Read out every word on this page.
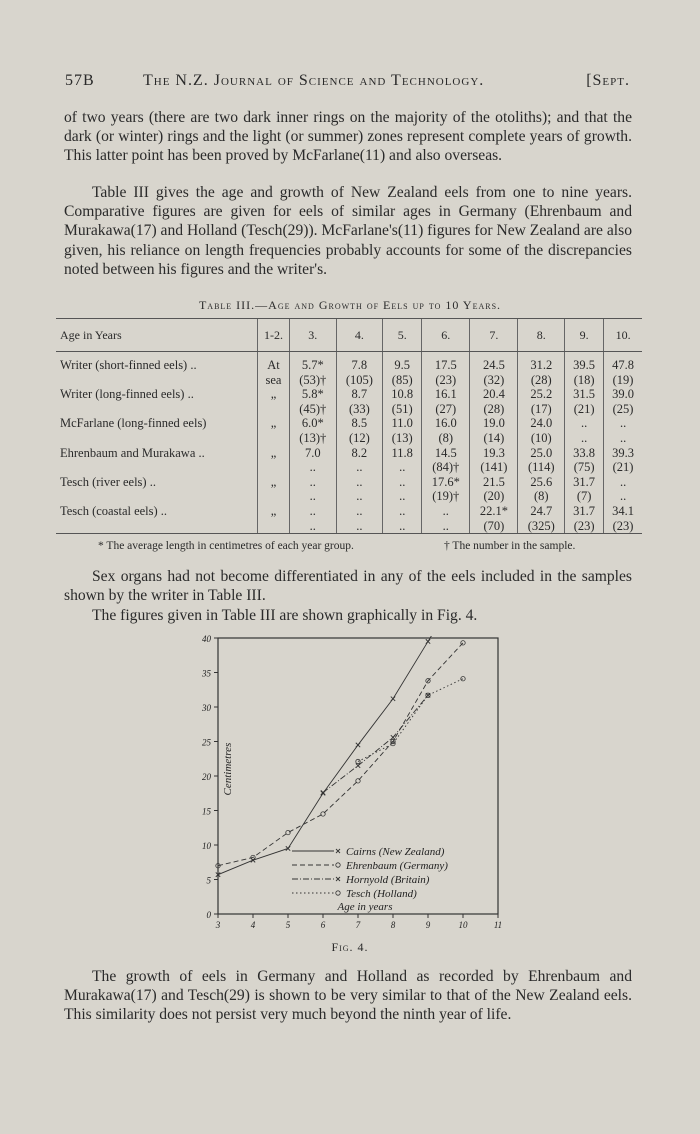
57B	The N.Z. Journal of Science and Technology.	[Sept.

of two years (there are two dark inner rings on the majority of the otoliths); and that the dark (or winter) rings and the light (or summer) zones represent complete years of growth. This latter point has been proved by McFarlane(11) and also overseas.

Table III gives the age and growth of New Zealand eels from one to nine years. Comparative figures are given for eels of similar ages in Germany (Ehrenbaum and Murakawa(17) and Holland (Tesch(29)). McFarlane's(11) figures for New Zealand are also given, his reliance on length frequencies probably accounts for some of the discrepancies noted between his figures and the writer's.

Table III.—Age and Growth of Eels up to 10 Years.
Age in Years	1-2.	3.	4.	5.	6.	7.	8.	9.	10.
Writer (short-finned eels) ..	At	5.7*	7.8	9.5	17.5	24.5	31.2	39.5	47.8
	sea	(53)†	(105)	(85)	(23)	(32)	(28)	(18)	(19)
Writer (long-finned eels) ..	„	5.8*	8.7	10.8	16.1	20.4	25.2	31.5	39.0
		(45)†	(33)	(51)	(27)	(28)	(17)	(21)	(25)
McFarlane (long-finned eels)	„	6.0*	8.5	11.0	16.0	19.0	24.0	..	..
		(13)†	(12)	(13)	(8)	(14)	(10)	..	..
Ehrenbaum and Murakawa ..	„	7.0	8.2	11.8	14.5	19.3	25.0	33.8	39.3
		..	..	..	(84)†	(141)	(114)	(75)	(21)
Tesch (river eels) ..	„	..	..	..	17.6*	21.5	25.6	31.7	..
		..	..	..	(19)†	(20)	(8)	(7)	..
Tesch (coastal eels) ..	„	..	..	..	..	22.1*	24.7	31.7	34.1
		..	..	..	..	(70)	(325)	(23)	(23)
* The average length in centimetres of each year group.	† The number in the sample.

Sex organs had not become differentiated in any of the eels included in the samples shown by the writer in Table III.

The figures given in Table III are shown graphically in Fig. 4.

0
5
10
15
20
25
30
35
40
3	4	5	6	7	8	9	10	11
Centimetres
Age in years
Cairns (New Zealand)
Ehrenbaum (Germany)
Hornyold (Britain)
Tesch (Holland)
Fig. 4.

The growth of eels in Germany and Holland as recorded by Ehrenbaum and Murakawa(17) and Tesch(29) is shown to be very similar to that of the New Zealand eels. This similarity does not persist very much beyond the ninth year of life.
